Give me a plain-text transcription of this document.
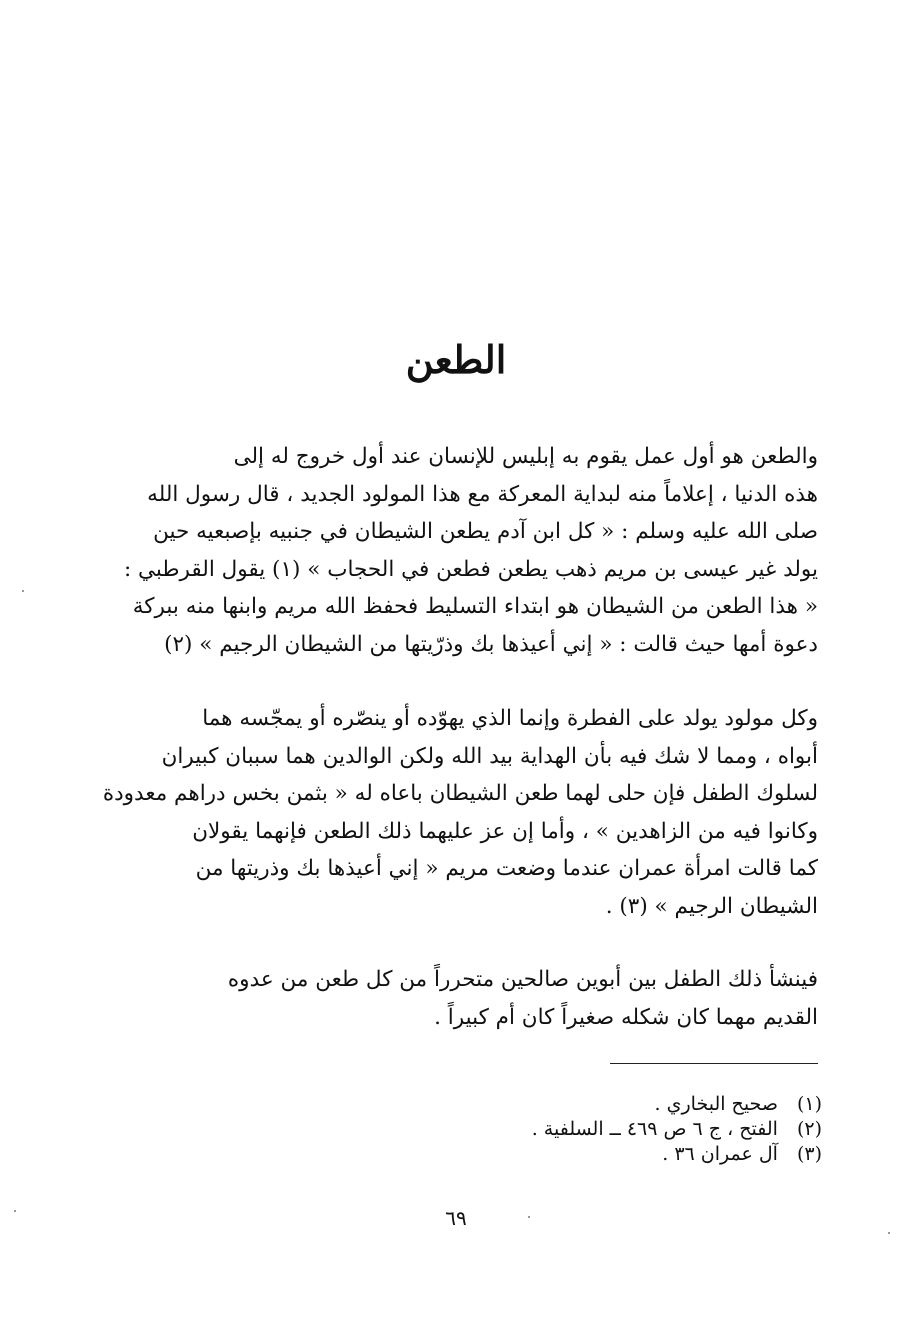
الطعن
والطعن هو أول عمل يقوم به إبليس للإنسان عند أول خروج له إلى
هذه الدنيا ، إعلاماً منه لبداية المعركة مع هذا المولود الجديد ، قال رسول الله
صلى الله عليه وسلم : « كل ابن آدم يطعن الشيطان في جنبيه بإصبعيه حين
يولد غير عيسى بن مريم ذهب يطعن فطعن في الحجاب » (١) يقول القرطبي :
« هذا الطعن من الشيطان هو ابتداء التسليط فحفظ الله مريم وابنها منه ببركة
دعوة أمها حيث قالت : « إني أعيذها بك وذرّيتها من الشيطان الرجيم » (٢)
وكل مولود يولد على الفطرة وإنما الذي يهوّده أو ينصّره أو يمجّسه هما
أبواه ، ومما لا شك فيه بأن الهداية بيد الله ولكن الوالدين هما سببان كبيران
لسلوك الطفل فإن حلى لهما طعن الشيطان باعاه له « بثمن بخس دراهم معدودة
وكانوا فيه من الزاهدين » ، وأما إن عز عليهما ذلك الطعن فإنهما يقولان
كما قالت امرأة عمران عندما وضعت مريم « إني أعيذها بك وذريتها من
الشيطان الرجيم » (٣) .
فينشأ ذلك الطفل بين أبوين صالحين متحرراً من كل طعن من عدوه
القديم مهما كان شكله صغيراً كان أم كبيراً .
(١) صحيح البخاري .
(٢) الفتح ، ج ٦ ص ٤٦٩ ــ السلفية .
(٣) آل عمران ٣٦ .
٦٩
